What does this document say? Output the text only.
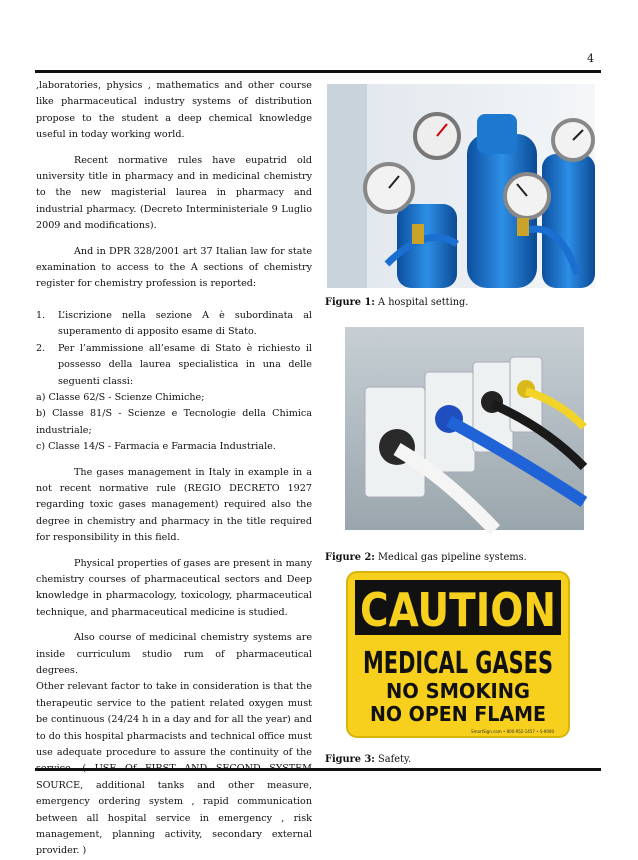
4

,laboratories, physics , mathematics and other course like pharmaceutical industry systems of distribution propose to the student a deep chemical knowledge useful in today working world.

Recent normative rules have eupatrid old university title in pharmacy and in medicinal chemistry to the new magisterial laurea in pharmacy and industrial pharmacy. (Decreto Interministeriale 9 Luglio 2009 and modifications).

And in DPR 328/2001 art 37 Italian law for state examination to access to the A sections of chemistry register for chemistry profession is reported:

1.	L’iscrizione nella sezione A è subordinata al superamento di apposito esame di Stato.
2.	Per l’ammissione all’esame di Stato è richiesto il possesso della laurea specialistica in una delle seguenti classi:

a) Classe 62/S - Scienze Chimiche;

b) Classe 81/S - Scienze e Tecnologie della Chimica industriale;

c) Classe 14/S - Farmacia e Farmacia Industriale.

The gases management in Italy in example in a not recent normative rule (REGIO DECRETO 1927 regarding toxic gases management) required also the degree in chemistry and pharmacy in the title required for responsibility in this field.

Physical properties of gases are present in many chemistry courses of pharmaceutical sectors and Deep knowledge in pharmacology, toxicology, pharmaceutical technique, and pharmaceutical medicine is studied.

Also course of medicinal chemistry systems are inside curriculum studio rum of pharmaceutical degrees.

Other relevant factor to take in consideration is that the therapeutic service to the patient related oxygen must be continuous (24/24 h in a day and for all the year) and to do this hospital pharmacists and technical office must use adequate procedure to assure the continuity of the SOURCE, additional tanks and other measure, emergency ordering system , rapid communication between all hospital service in emergency , risk management, planning activity, secondary external provider. )

Figure 1: A hospital setting.
Figure 2: Medical gas pipeline systems.
CAUTION
MEDICAL GASES
NO SMOKING
NO OPEN FLAME
SmartSign.com • 800-952-1457 • S-9000
Figure 3: Safety.
